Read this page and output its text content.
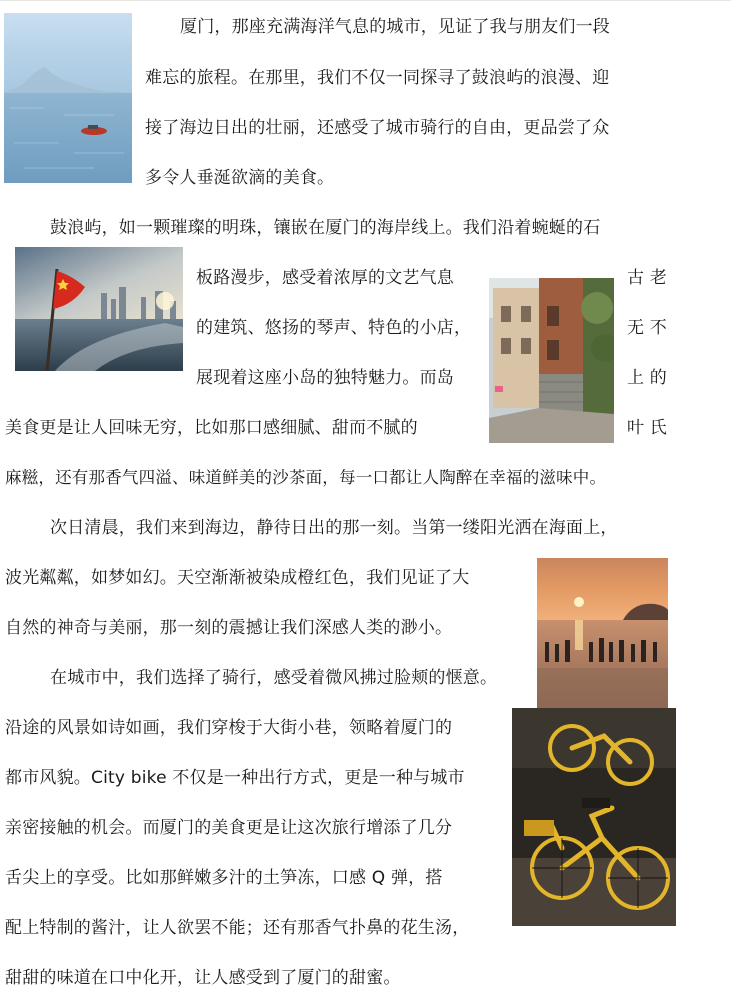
厦门，那座充满海洋气息的城市，见证了我与朋友们一段
难忘的旅程。在那里，我们不仅一同探寻了鼓浪屿的浪漫、迎
接了海边日出的壮丽，还感受了城市骑行的自由，更品尝了众
多令人垂涎欲滴的美食。
鼓浪屿，如一颗璀璨的明珠，镶嵌在厦门的海岸线上。我们沿着蜿蜒的石
板路漫步，感受着浓厚的文艺气息
的建筑、悠扬的琴声、特色的小店，
展现着这座小岛的独特魅力。而岛
古 老
无 不
上 的
美食更是让人回味无穷，比如那口感细腻、甜而不腻的	叶 氏
麻糍，还有那香气四溢、味道鲜美的沙茶面，每一口都让人陶醉在幸福的滋味中。
次日清晨，我们来到海边，静待日出的那一刻。当第一缕阳光洒在海面上，
波光粼粼，如梦如幻。天空渐渐被染成橙红色，我们见证了大
自然的神奇与美丽，那一刻的震撼让我们深感人类的渺小。
在城市中，我们选择了骑行，感受着微风拂过脸颊的惬意。
沿途的风景如诗如画，我们穿梭于大街小巷，领略着厦门的
都市风貌。City bike 不仅是一种出行方式，更是一种与城市
亲密接触的机会。而厦门的美食更是让这次旅行增添了几分
舌尖上的享受。比如那鲜嫩多汁的土笋冻，口感 Q 弹，搭
配上特制的酱汁，让人欲罢不能；还有那香气扑鼻的花生汤，
甜甜的味道在口中化开，让人感受到了厦门的甜蜜。
